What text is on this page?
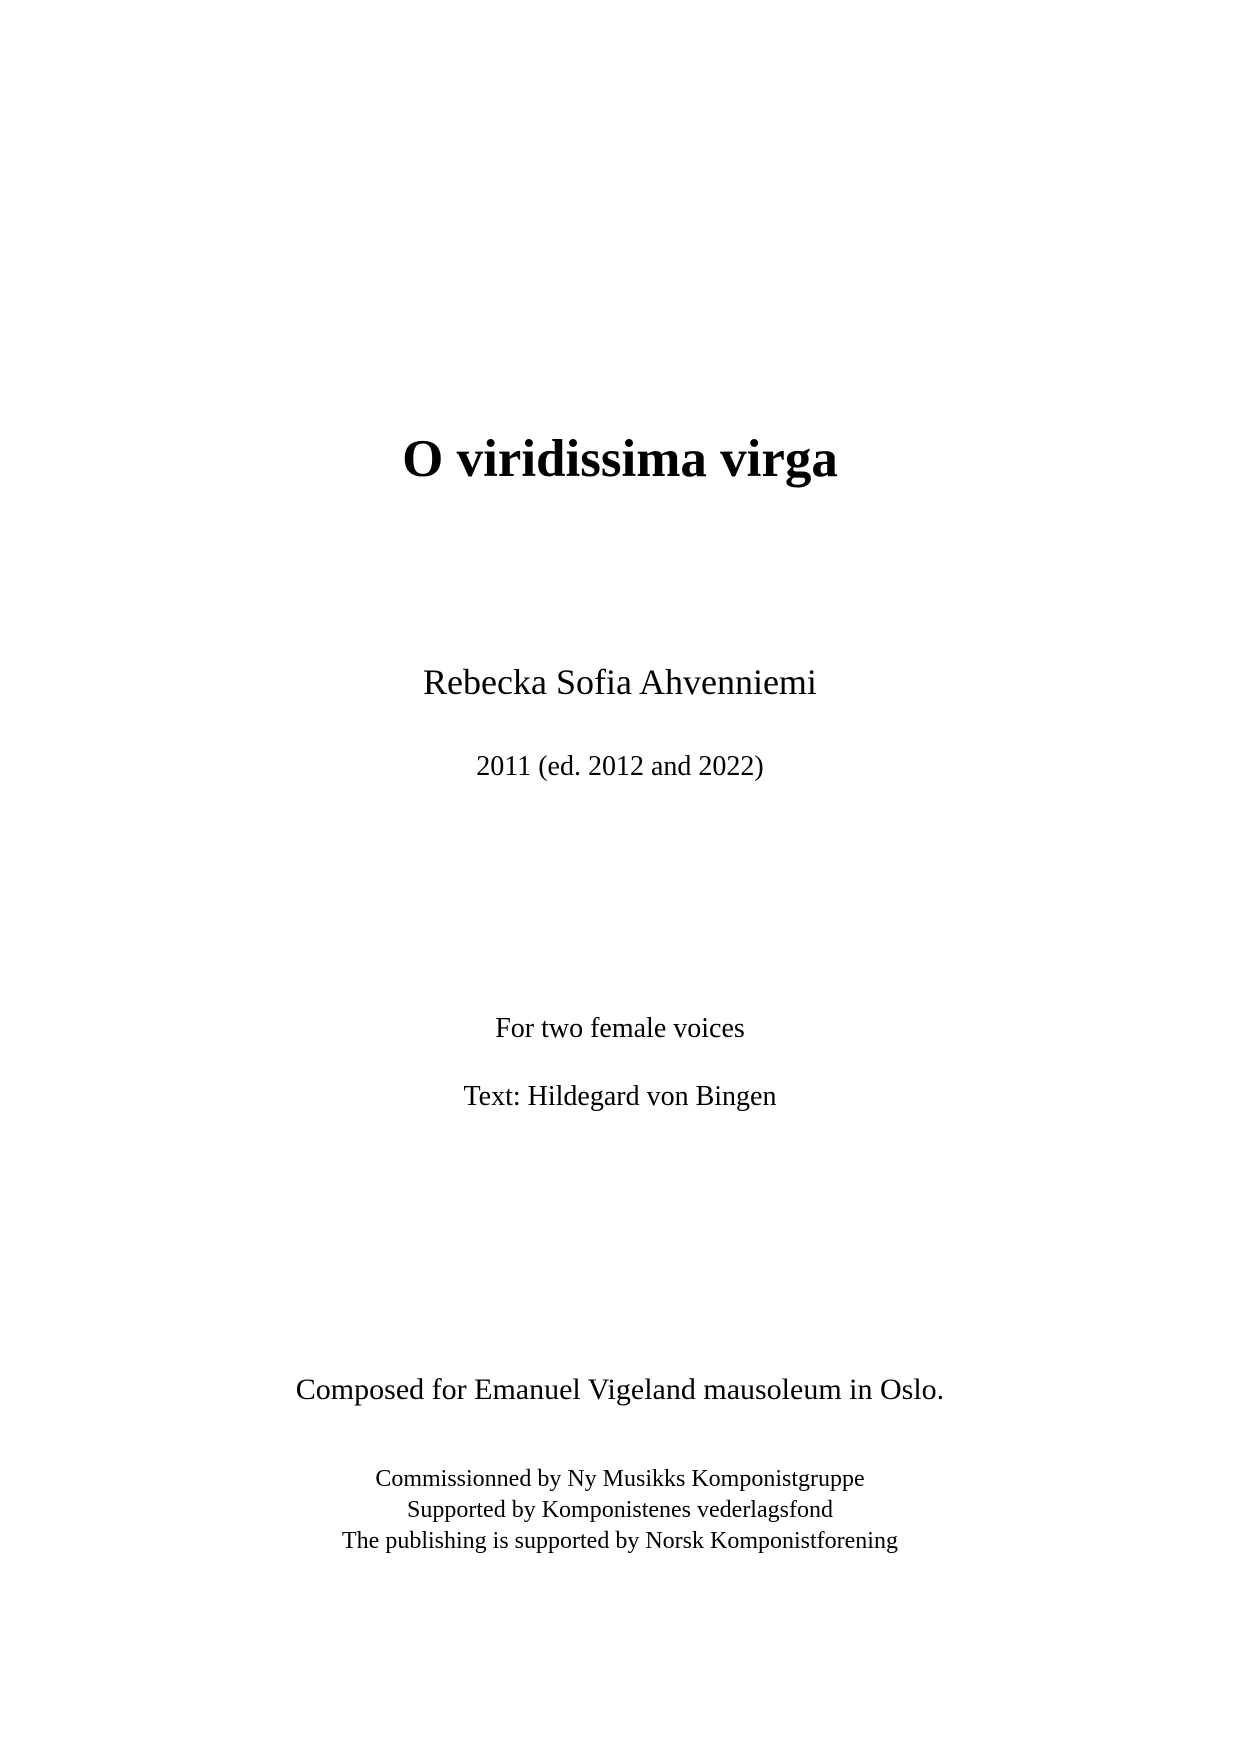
O viridissima virga
Rebecka Sofia Ahvenniemi
2011 (ed. 2012 and 2022)
For two female voices
Text: Hildegard von Bingen
Composed for Emanuel Vigeland mausoleum in Oslo.
Commissionned by Ny Musikks Komponistgruppe
Supported by Komponistenes vederlagsfond
The publishing is supported by Norsk Komponistforening
